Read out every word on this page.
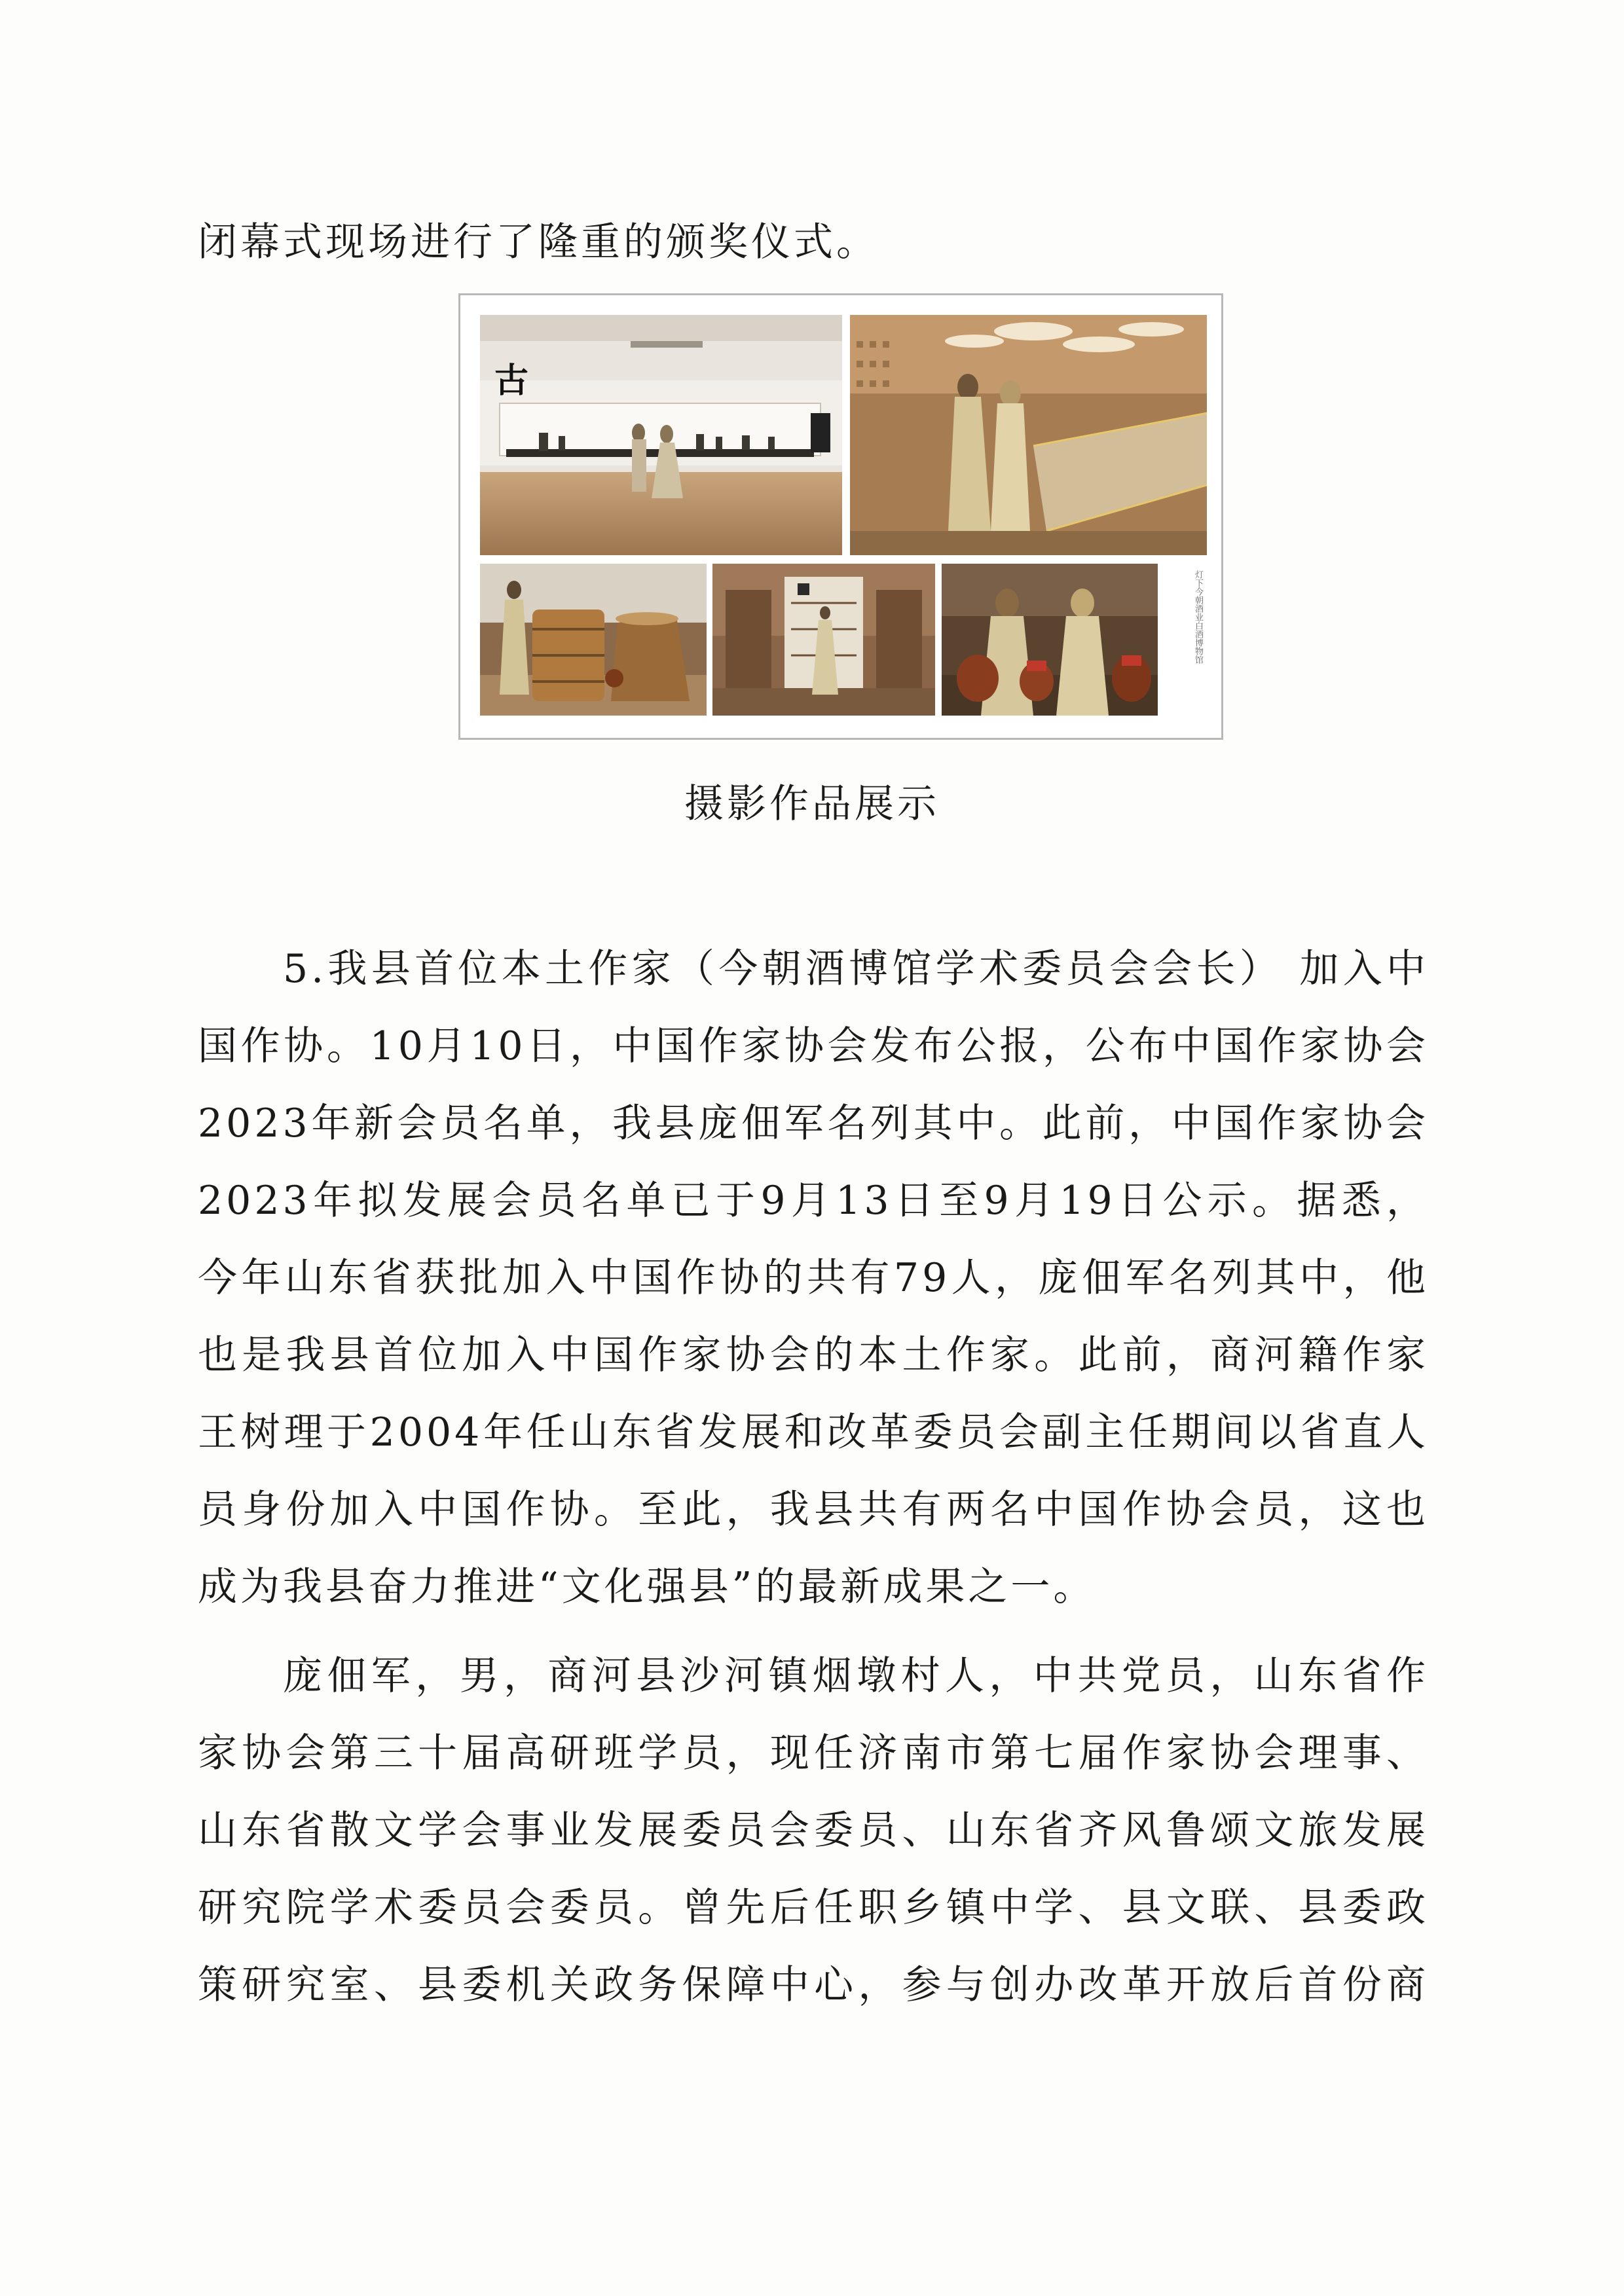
闭幕式现场进行了隆重的颁奖仪式。
古
灯下今朝酒业白酒博物馆
摄影作品展示
5.我县首位本土作家（今朝酒博馆学术委员会会长） 加入中
国作协。10月10日，中国作家协会发布公报，公布中国作家协会
2023年新会员名单，我县庞佃军名列其中。此前，中国作家协会
2023年拟发展会员名单已于9月13日至9月19日公示。据悉，
今年山东省获批加入中国作协的共有79人，庞佃军名列其中，他
也是我县首位加入中国作家协会的本土作家。此前，商河籍作家
王树理于2004年任山东省发展和改革委员会副主任期间以省直人
员身份加入中国作协。至此，我县共有两名中国作协会员，这也
成为我县奋力推进“文化强县”的最新成果之一。
庞佃军，男，商河县沙河镇烟墩村人，中共党员，山东省作
家协会第三十届高研班学员，现任济南市第七届作家协会理事、
山东省散文学会事业发展委员会委员、山东省齐风鲁颂文旅发展
研究院学术委员会委员。曾先后任职乡镇中学、县文联、县委政
策研究室、县委机关政务保障中心，参与创办改革开放后首份商
